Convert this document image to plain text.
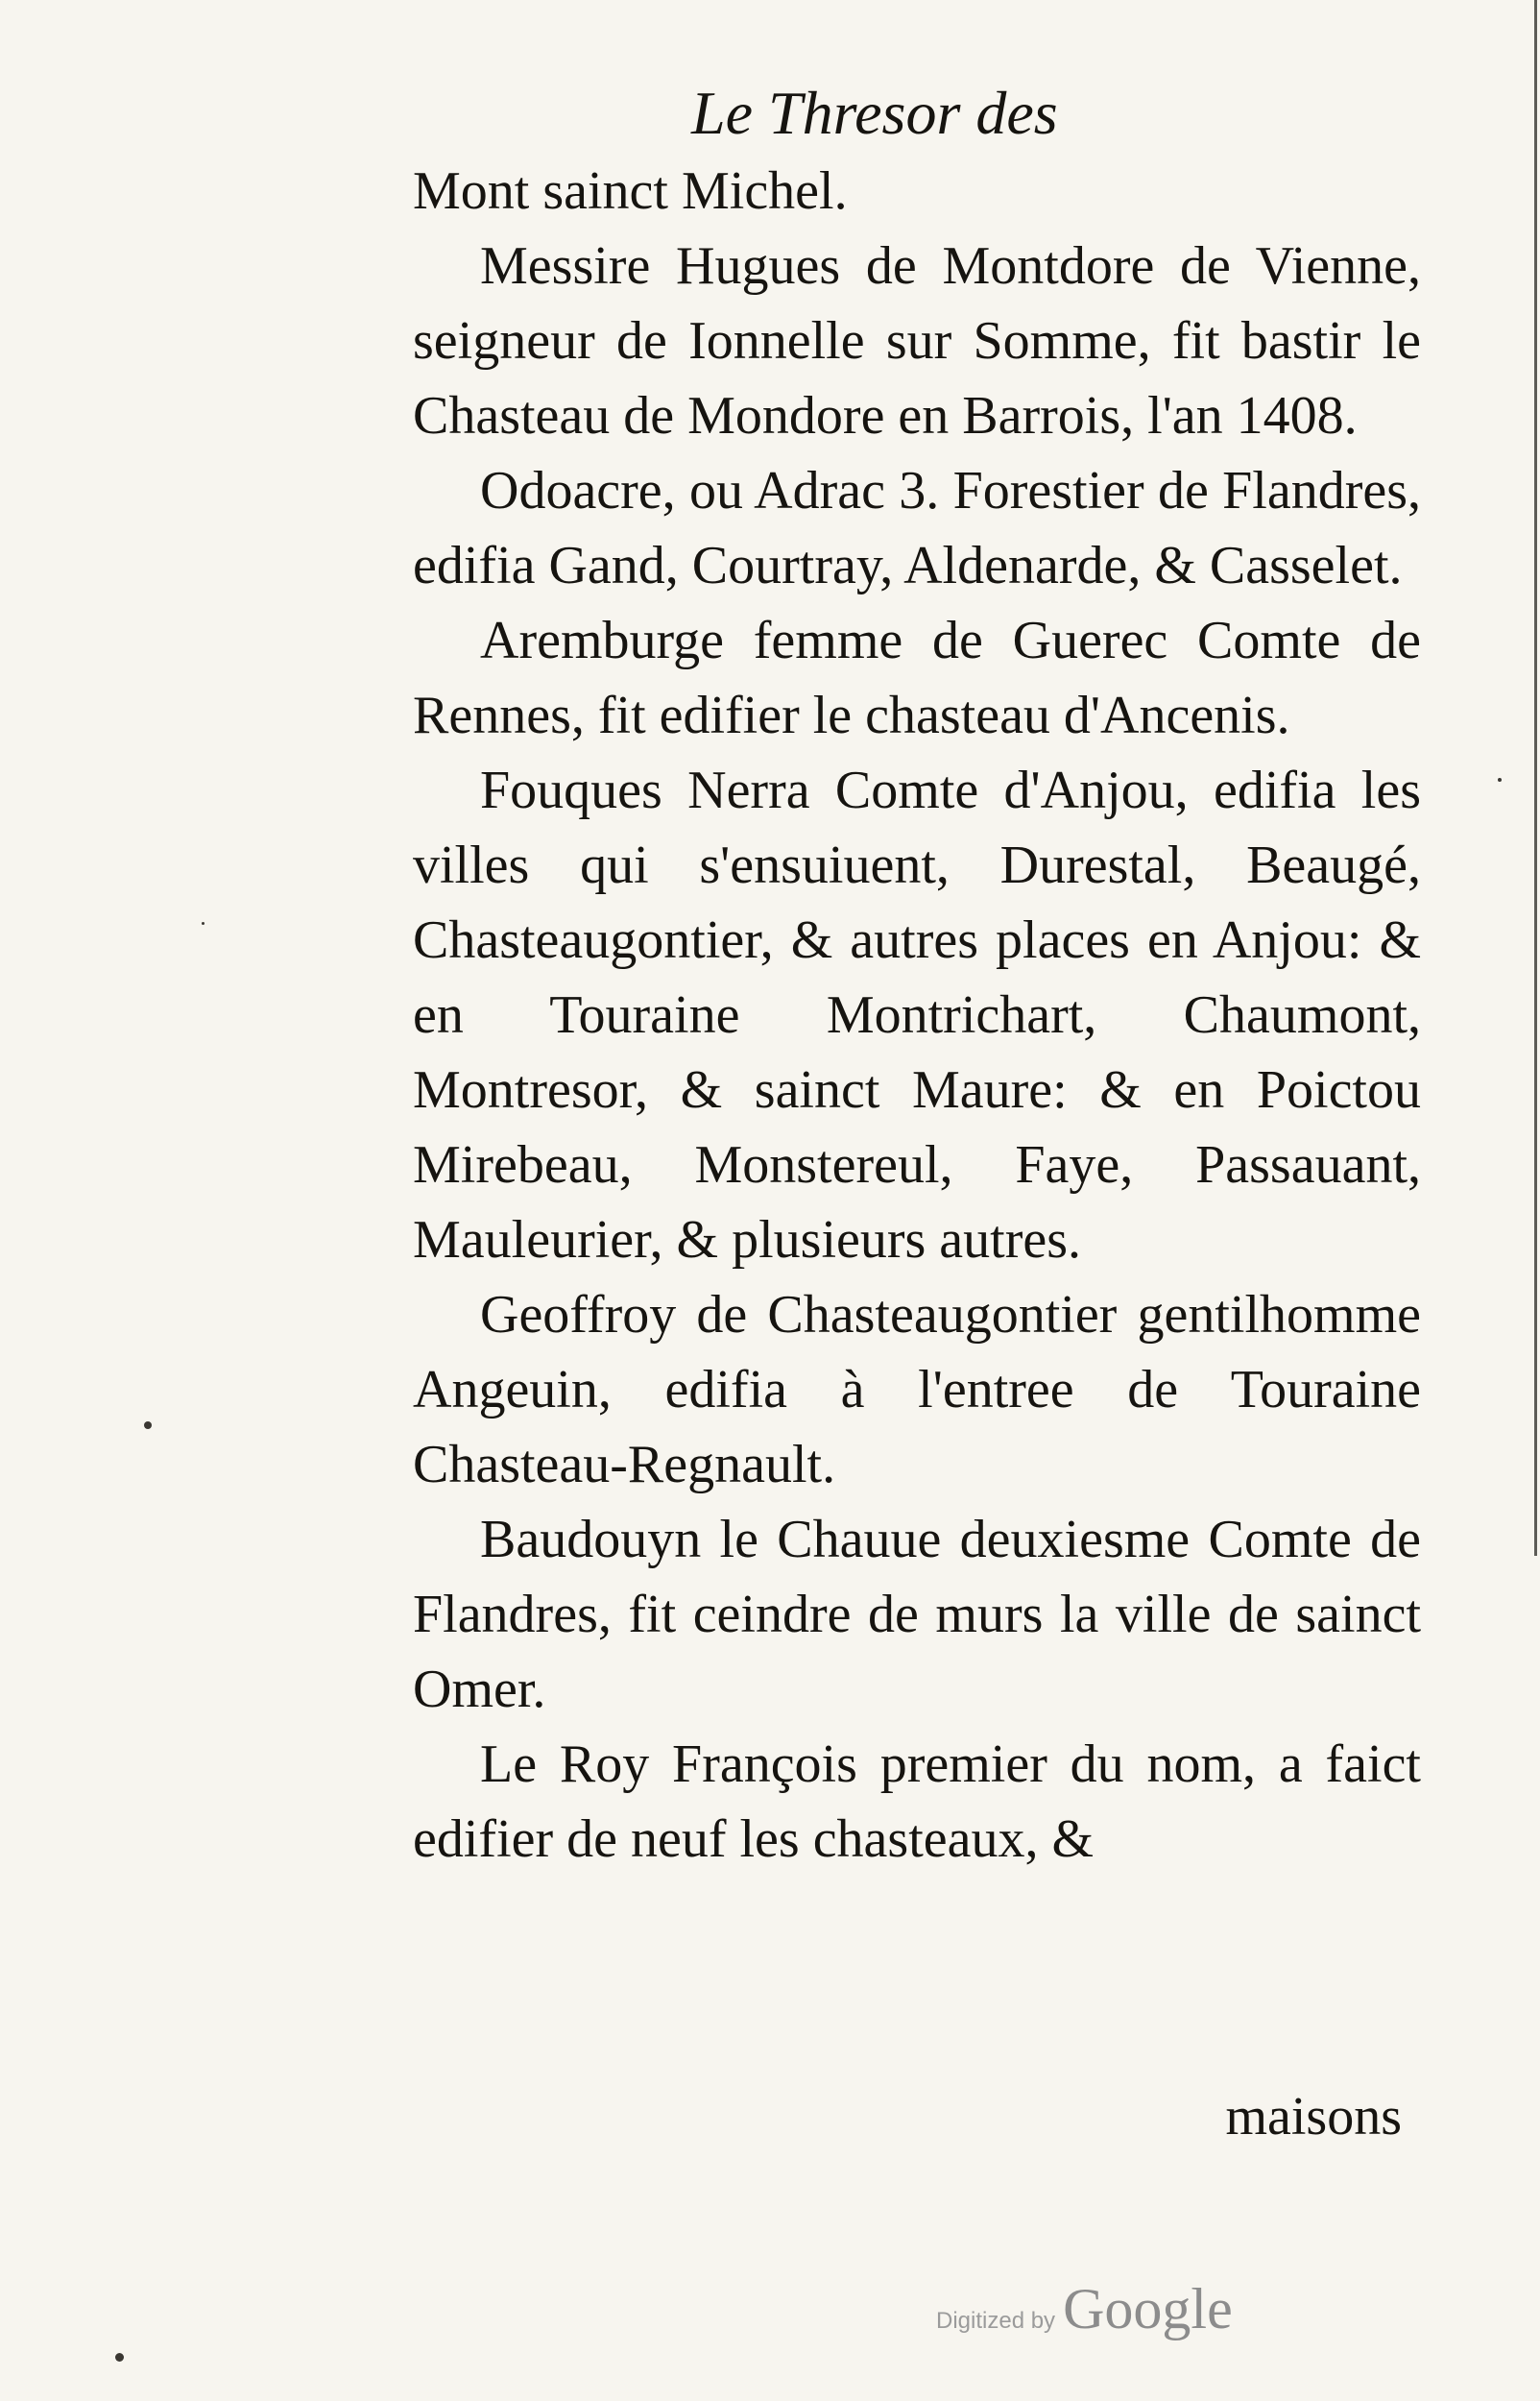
Le Thresor des

Mont sainct Michel.

Messire Hugues de Montdore de Vienne, seigneur de Ionnelle sur Somme, fit bastir le Chasteau de Mondore en Barrois, l'an 1408.

Odoacre, ou Adrac 3. Forestier de Flandres, edifia Gand, Courtray, Aldenarde, & Casselet.

Aremburge femme de Guerec Comte de Rennes, fit edifier le chasteau d'Ancenis.

Fouques Nerra Comte d'Anjou, edifia les villes qui s'ensuiuent, Durestal, Beaugé, Chasteaugontier, & autres places en Anjou: & en Touraine Montrichart, Chaumont, Montresor, & sainct Maure: & en Poictou Mirebeau, Monstereul, Faye, Passauant, Mauleurier, & plusieurs autres.

Geoffroy de Chasteaugontier gentilhomme Angeuin, edifia à l'entree de Touraine Chasteau-Regnault.

Baudouyn le Chauue deuxiesme Comte de Flandres, fit ceindre de murs la ville de sainct Omer.

Le Roy François premier du nom, a faict edifier de neuf les chasteaux, &

maisons
Digitized by Google
